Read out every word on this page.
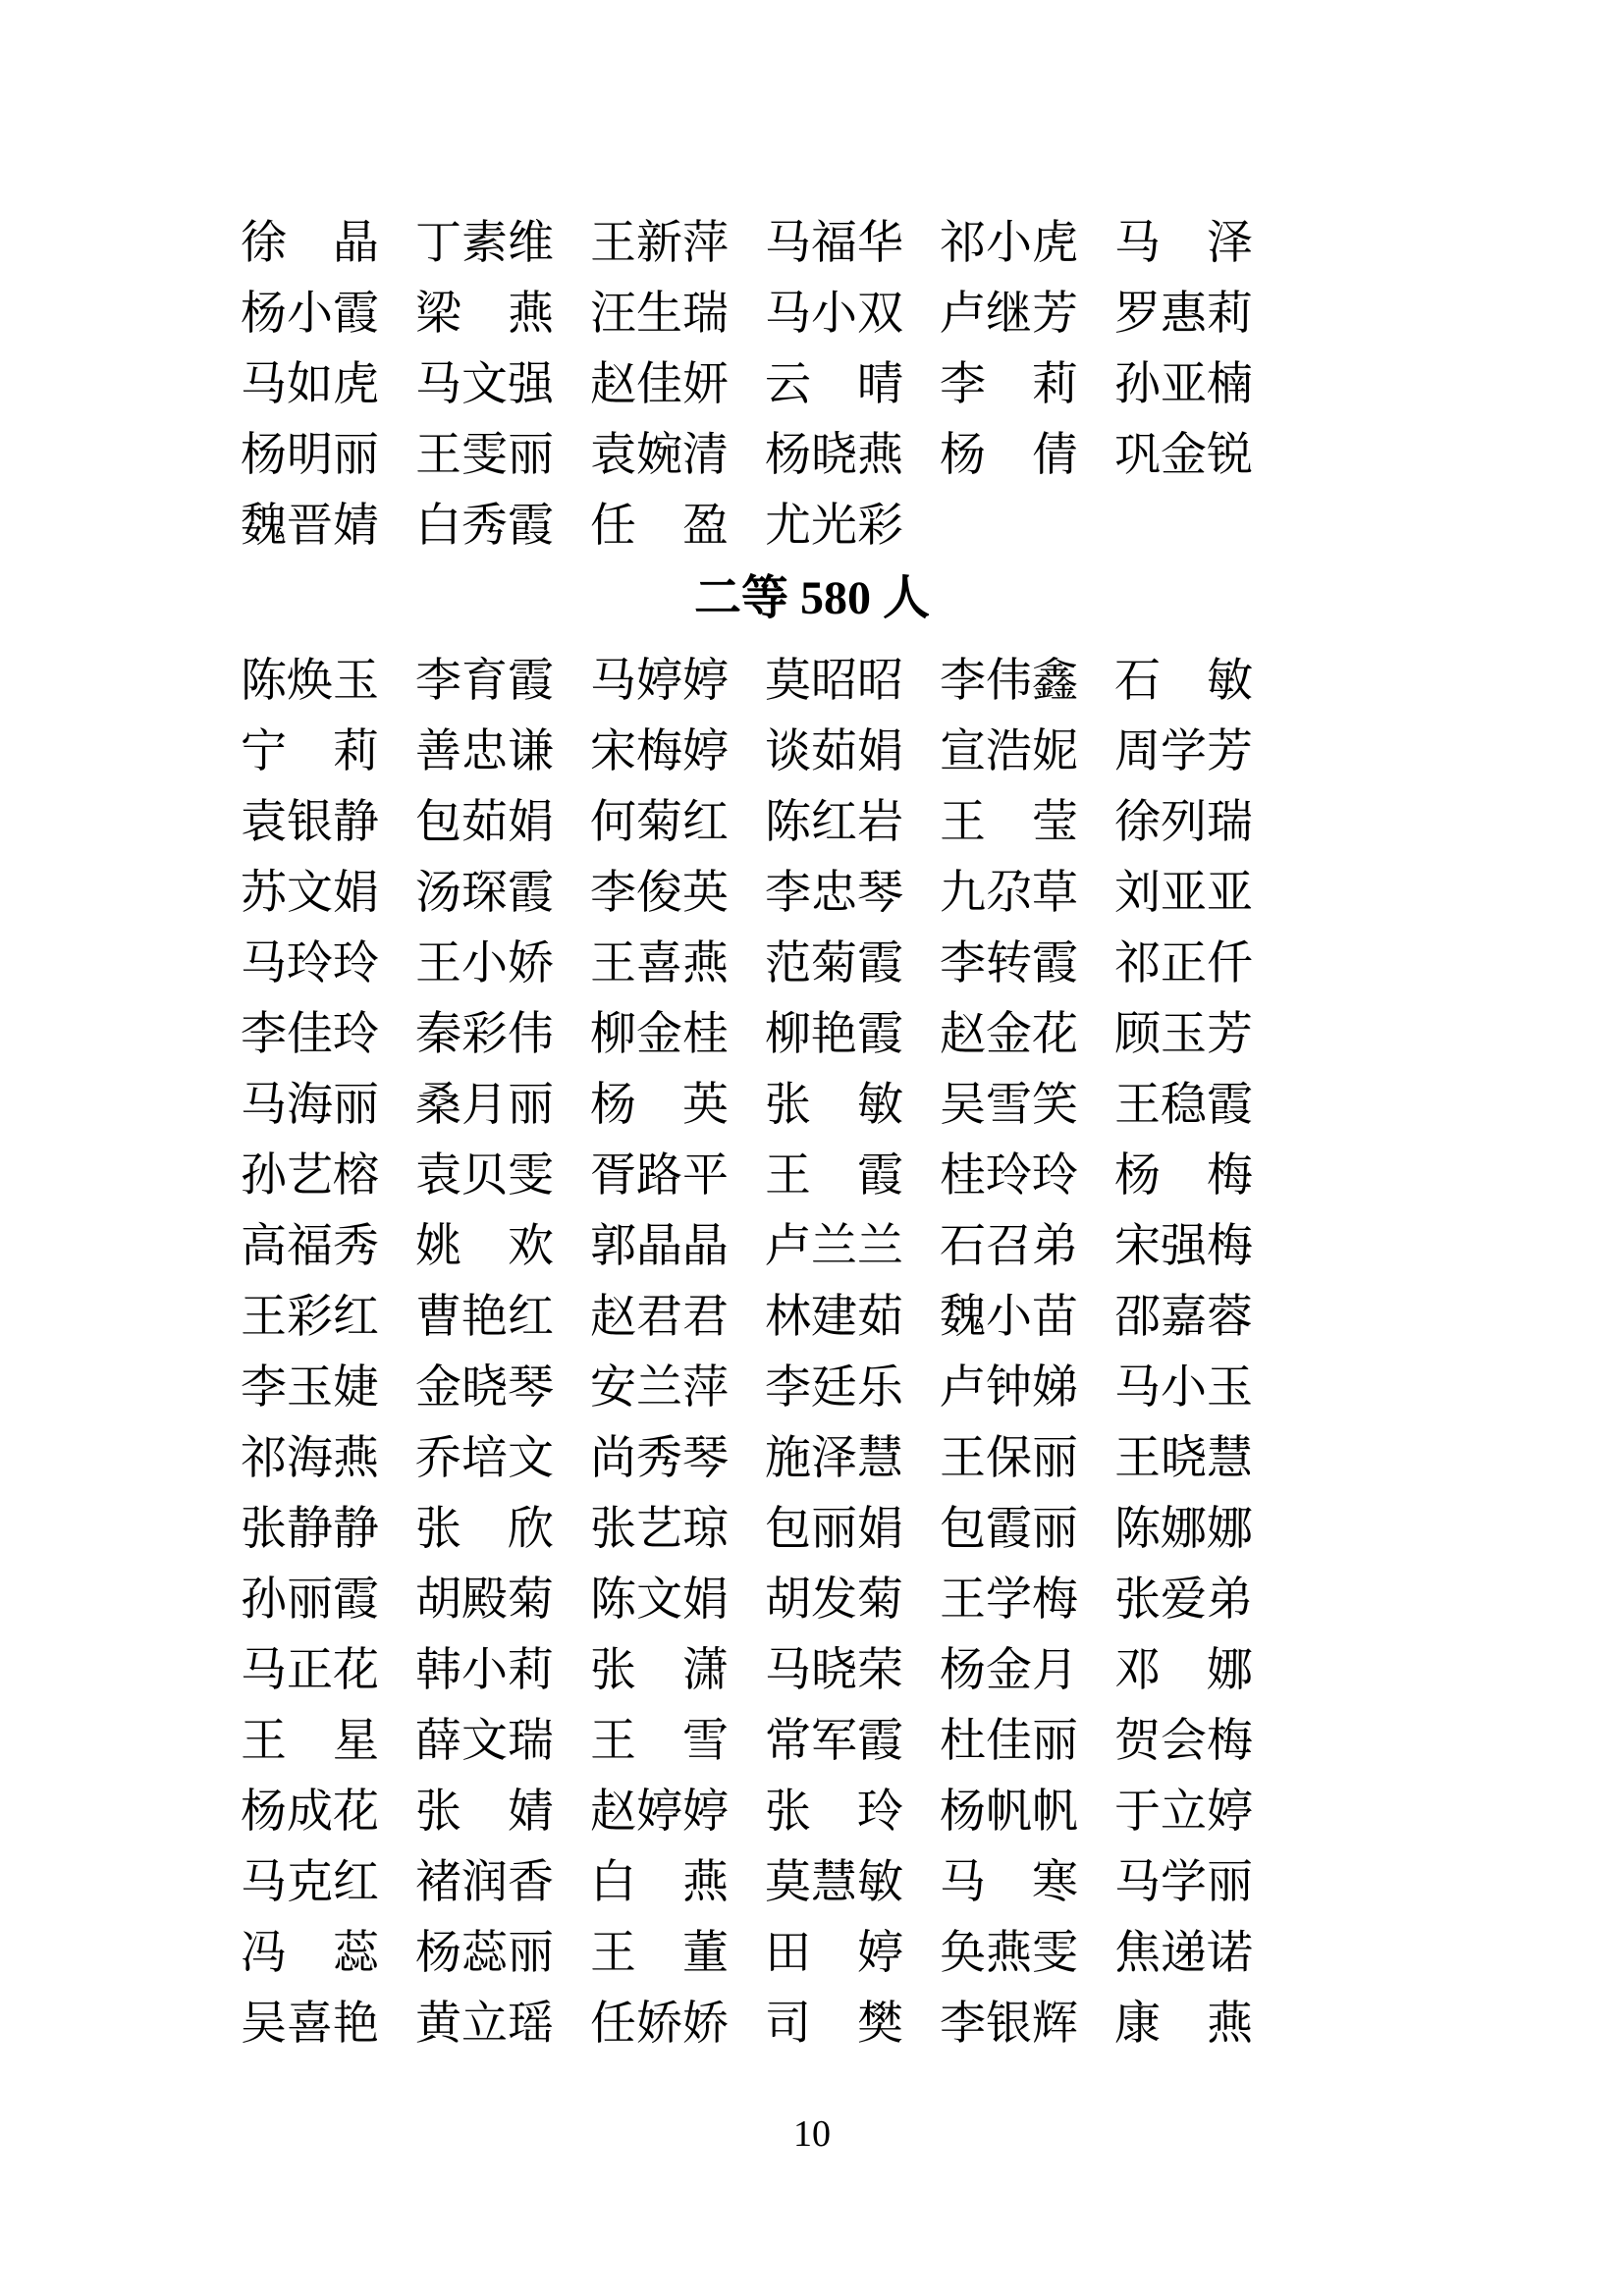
徐　晶 丁素维 王新萍 马福华 祁小虎 马　泽
杨小霞 梁　燕 汪生瑞 马小双 卢继芳 罗惠莉
马如虎 马文强 赵佳妍 云　晴 李　莉 孙亚楠
杨明丽 王雯丽 袁婉清 杨晓燕 杨　倩 巩金锐
魏晋婧 白秀霞 任　盈 尤光彩
二等 580 人
陈焕玉 李育霞 马婷婷 莫昭昭 李伟鑫 石　敏
宁　莉 善忠谦 宋梅婷 谈茹娟 宣浩妮 周学芳
袁银静 包茹娟 何菊红 陈红岩 王　莹 徐列瑞
苏文娟 汤琛霞 李俊英 李忠琴 九尕草 刘亚亚
马玲玲 王小娇 王喜燕 范菊霞 李转霞 祁正仟
李佳玲 秦彩伟 柳金桂 柳艳霞 赵金花 顾玉芳
马海丽 桑月丽 杨　英 张　敏 吴雪笑 王稳霞
孙艺榕 袁贝雯 胥路平 王　霞 桂玲玲 杨　梅
高福秀 姚　欢 郭晶晶 卢兰兰 石召弟 宋强梅
王彩红 曹艳红 赵君君 林建茹 魏小苗 邵嘉蓉
李玉婕 金晓琴 安兰萍 李廷乐 卢钟娣 马小玉
祁海燕 乔培文 尚秀琴 施泽慧 王保丽 王晓慧
张静静 张　欣 张艺琼 包丽娟 包霞丽 陈娜娜
孙丽霞 胡殿菊 陈文娟 胡发菊 王学梅 张爱弟
马正花 韩小莉 张　潇 马晓荣 杨金月 邓　娜
王　星 薛文瑞 王　雪 常军霞 杜佳丽 贺会梅
杨成花 张　婧 赵婷婷 张　玲 杨帆帆 于立婷
马克红 褚润香 白　燕 莫慧敏 马　寒 马学丽
冯　蕊 杨蕊丽 王　董 田　婷 奂燕雯 焦递诺
吴喜艳 黄立瑶 任娇娇 司　樊 李银辉 康　燕
10
